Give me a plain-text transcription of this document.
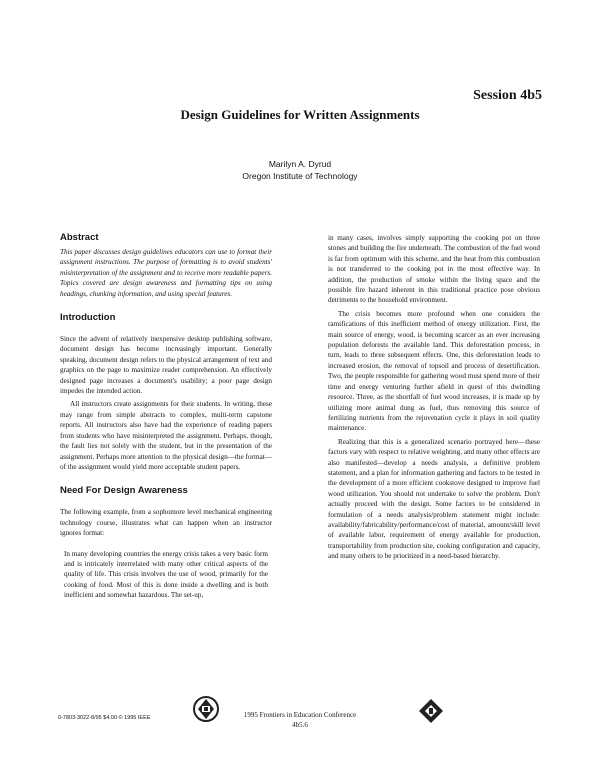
Session 4b5
Design Guidelines for Written Assignments
Marilyn A. Dyrud
Oregon Institute of Technology
Abstract

This paper discusses design guidelines educators can use to format their assignment instructions. The purpose of formatting is to avoid students' misinterpretation of the assignment and to receive more readable papers. Topics covered are design awareness and formatting tips on using headings, chunking information, and using special features.

Introduction

Since the advent of relatively inexpensive desktop publishing software, document design has become increasingly important. Generally speaking, document design refers to the physical arrangement of text and graphics on the page to maximize reader comprehension. An effectively designed page increases a document's usability; a poor page design impedes the intended action.

All instructors create assignments for their students. In writing, these may range from simple abstracts to complex, multi-term capstone reports. All instructors also have had the experience of reading papers from students who have misinterpreted the assignment. Perhaps, though, the fault lies not solely with the student, but in the presentation of the assignment. Perhaps more attention to the physical design—the format—of the assignment would yield more acceptable student papers.

Need For Design Awareness

The following example, from a sophomore level mechanical engineering technology course, illustrates what can happen when an instructor ignores format:

In many developing countries the energy crisis takes a very basic form and is intricately interrelated with many other critical aspects of the quality of life. This crisis involves the use of wood, primarily for the cooking of food. Most of this is done inside a dwelling and is both inefficient and somewhat hazardous. The set-up,

in many cases, involves simply supporting the cooking pot on three stones and building the fire underneath. The combustion of the fuel wood is far from optimum with this scheme, and the heat from this combustion is not transferred to the cooking pot in the most effective way. In addition, the production of smoke within the living space and the possible fire hazard inherent in this traditional practice pose obvious detriments to the household environment.

The crisis becomes more profound when one considers the ramifications of this inefficient method of energy utilization. First, the main source of energy, wood, is becoming scarcer as an ever increasing population deforests the available land. This deforestation process, in turn, leads to three subsequent effects. One, this deforestation leads to increased erosion, the removal of topsoil and process of desertification. Two, the people responsible for gathering wood must spend more of their time and energy venturing further afield in quest of this dwindling resource. Three, as the shortfall of fuel wood increases, it is made up by utilizing more animal dung as fuel, thus removing this source of fertilizing nutrients from the rejuvenation cycle it plays in soil quality maintenance.

Realizing that this is a generalized scenario portrayed here—these factors vary with respect to relative weighting, and many other effects are also manifested—develop a needs analysis, a definitive problem statement, and a plan for information gathering and factors to be tested in the development of a more efficient cookstove designed to improve fuel wood utilization. You should not undertake to solve the problem. Don't actually proceed with the design. Some factors to be considered in formulation of a needs analysis/problem statement might include: availability/fabricability/performance/cost of material, amount/skill level of available labor, requirement of energy available for production, transportability from production site, cooking configuration and capacity, and many others to be prioritized in a need-based hierarchy.

0-7803-3022-8/95 $4.00 © 1995 IEEE	1995 Frontiers in Education Conference
4b5.6
